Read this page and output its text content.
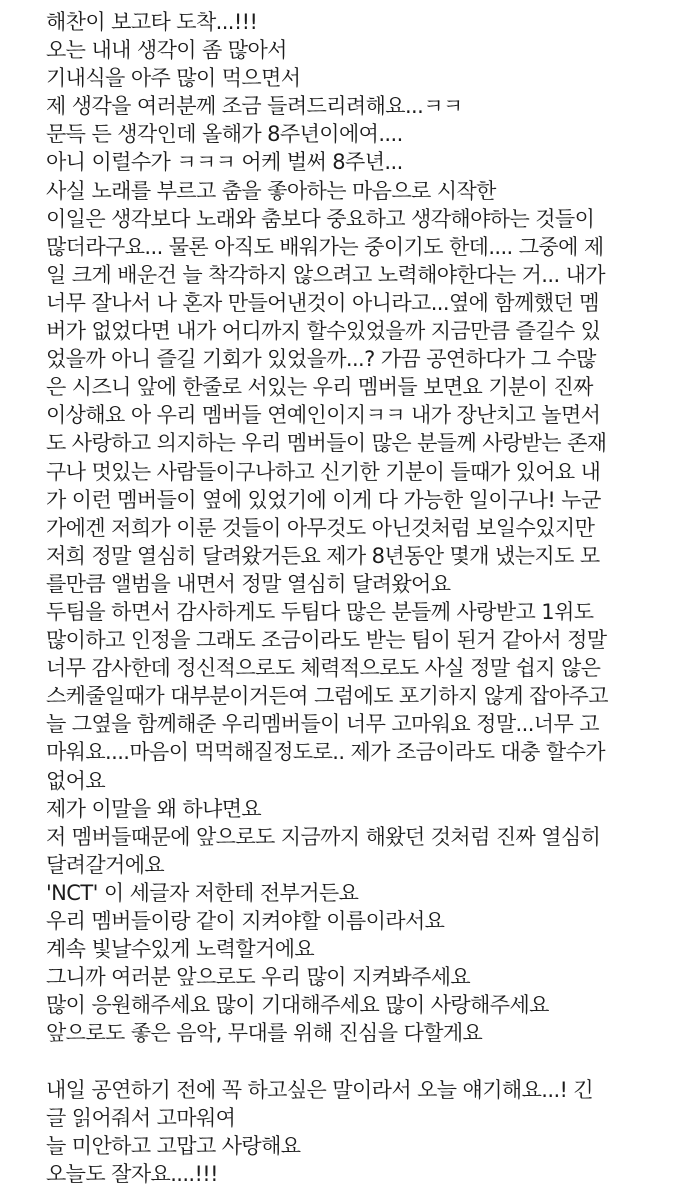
해찬이 보고타 도착...!!!
오는 내내 생각이 좀 많아서
기내식을 아주 많이 먹으면서
제 생각을 여러분께 조금 들려드리려해요...ㅋㅋ
문득 든 생각인데 올해가 8주년이에여....
아니 이럴수가 ㅋㅋㅋ 어케 벌써 8주년...
사실 노래를 부르고 춤을 좋아하는 마음으로 시작한
이일은 생각보다 노래와 춤보다 중요하고 생각해야하는 것들이
많더라구요... 물론 아직도 배워가는 중이기도 한데.... 그중에 제
일 크게 배운건 늘 착각하지 않으려고 노력해야한다는 거... 내가
너무 잘나서 나 혼자 만들어낸것이 아니라고...옆에 함께했던 멤
버가 없었다면 내가 어디까지 할수있었을까 지금만큼 즐길수 있
었을까 아니 즐길 기회가 있었을까...? 가끔 공연하다가 그 수많
은 시즈니 앞에 한줄로 서있는 우리 멤버들 보면요 기분이 진짜
이상해요 아 우리 멤버들 연예인이지ㅋㅋ 내가 장난치고 놀면서
도 사랑하고 의지하는 우리 멤버들이 많은 분들께 사랑받는 존재
구나 멋있는 사람들이구나하고 신기한 기분이 들때가 있어요 내
가 이런 멤버들이 옆에 있었기에 이게 다 가능한 일이구나! 누군
가에겐 저희가 이룬 것들이 아무것도 아닌것처럼 보일수있지만
저희 정말 열심히 달려왔거든요 제가 8년동안 몇개 냈는지도 모
를만큼 앨범을 내면서 정말 열심히 달려왔어요
두팀을 하면서 감사하게도 두팀다 많은 분들께 사랑받고 1위도
많이하고 인정을 그래도 조금이라도 받는 팀이 된거 같아서 정말
너무 감사한데 정신적으로도 체력적으로도 사실 정말 쉽지 않은
스케줄일때가 대부분이거든여 그럼에도 포기하지 않게 잡아주고
늘 그옆을 함께해준 우리멤버들이 너무 고마워요 정말...너무 고
마워요....마음이 먹먹해질정도로.. 제가 조금이라도 대충 할수가
없어요
제가 이말을 왜 하냐면요
저 멤버들때문에 앞으로도 지금까지 해왔던 것처럼 진짜 열심히
달려갈거에요
'NCT' 이 세글자 저한테 전부거든요
우리 멤버들이랑 같이 지켜야할 이름이라서요
계속 빛날수있게 노력할거에요
그니까 여러분 앞으로도 우리 많이 지켜봐주세요
많이 응원해주세요 많이 기대해주세요 많이 사랑해주세요
앞으로도 좋은 음악, 무대를 위해 진심을 다할게요
내일 공연하기 전에 꼭 하고싶은 말이라서 오늘 얘기해요...! 긴
글 읽어줘서 고마워여
늘 미안하고 고맙고 사랑해요
오늘도 잘자요....!!!
